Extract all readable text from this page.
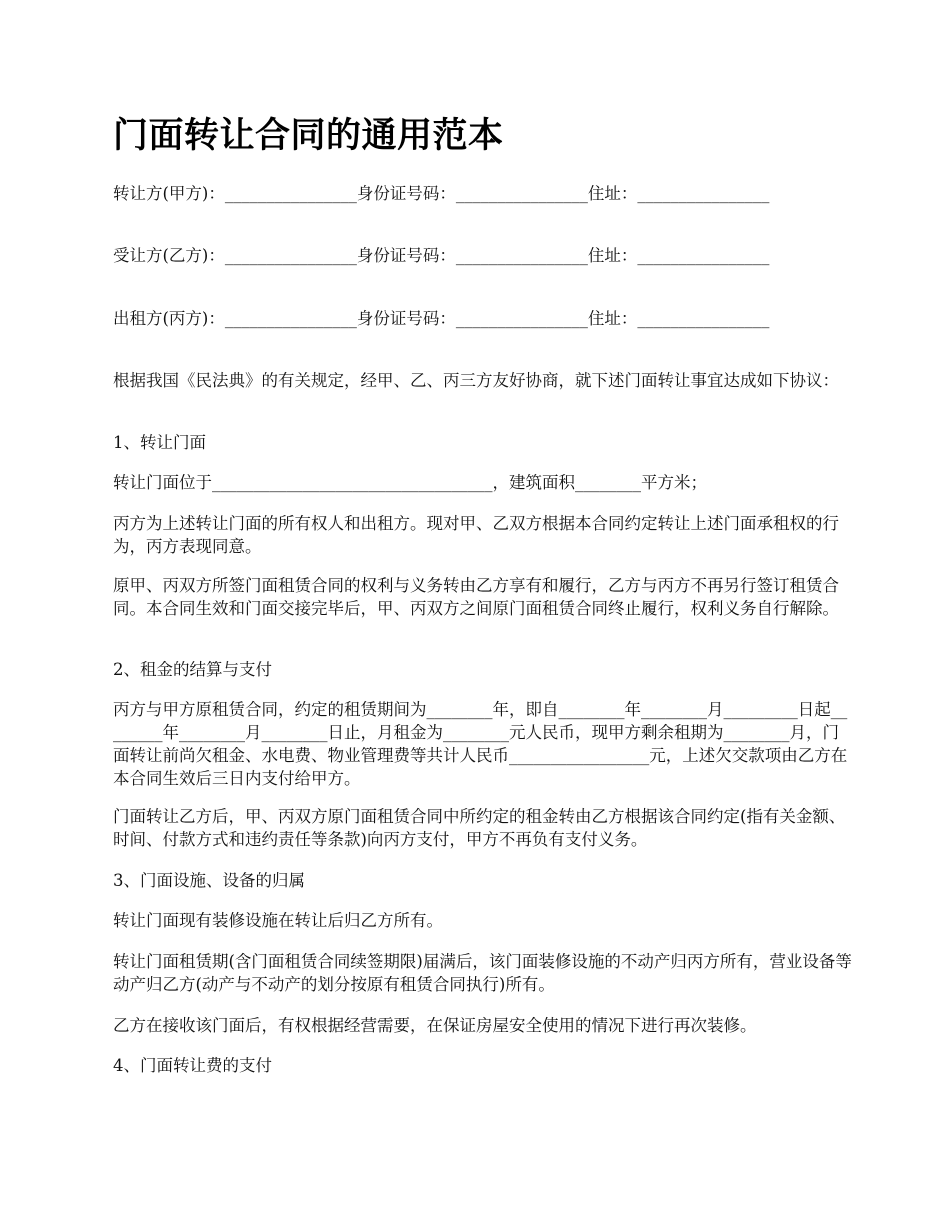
门面转让合同的通用范本

转让方(甲方)：________________身份证号码：________________住址：________________

受让方(乙方)：________________身份证号码：________________住址：________________

出租方(丙方)：________________身份证号码：________________住址：________________

根据我国《民法典》的有关规定，经甲、乙、丙三方友好协商，就下述门面转让事宜达成如下协议：

1、转让门面

转让门面位于__________________________________，建筑面积________平方米；

丙方为上述转让门面的所有权人和出租方。现对甲、乙双方根据本合同约定转让上述门面承租权的行为，丙方表现同意。

原甲、丙双方所签门面租赁合同的权利与义务转由乙方享有和履行，乙方与丙方不再另行签订租赁合同。本合同生效和门面交接完毕后，甲、丙双方之间原门面租赁合同终止履行，权利义务自行解除。

2、租金的结算与支付

丙方与甲方原租赁合同，约定的租赁期间为________年，即自________年________月_________日起________年________月________日止，月租金为________元人民币，现甲方剩余租期为________月，门面转让前尚欠租金、水电费、物业管理费等共计人民币_________________元，上述欠交款项由乙方在本合同生效后三日内支付给甲方。

门面转让乙方后，甲、丙双方原门面租赁合同中所约定的租金转由乙方根据该合同约定(指有关金额、时间、付款方式和违约责任等条款)向丙方支付，甲方不再负有支付义务。

3、门面设施、设备的归属

转让门面现有装修设施在转让后归乙方所有。

转让门面租赁期(含门面租赁合同续签期限)届满后，该门面装修设施的不动产归丙方所有，营业设备等动产归乙方(动产与不动产的划分按原有租赁合同执行)所有。

乙方在接收该门面后，有权根据经营需要，在保证房屋安全使用的情况下进行再次装修。

4、门面转让费的支付
